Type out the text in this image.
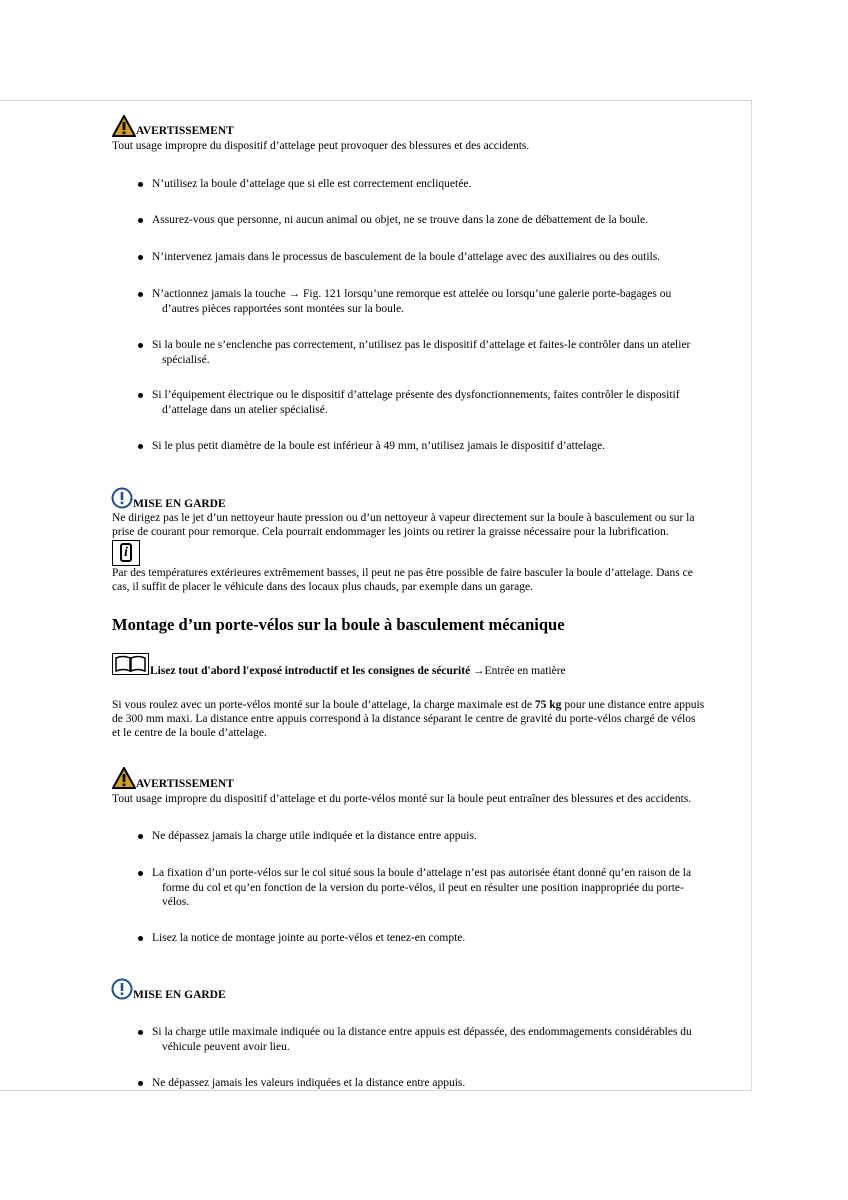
AVERTISSEMENT
Tout usage impropre du dispositif d’attelage peut provoquer des blessures et des accidents.
N’utilisez la boule d’attelage que si elle est correctement encliquetée.
Assurez-vous que personne, ni aucun animal ou objet, ne se trouve dans la zone de débattement de la boule.
N’intervenez jamais dans le processus de basculement de la boule d’attelage avec des auxiliaires ou des outils.
N’actionnez jamais la touche → Fig. 121 lorsqu’une remorque est attelée ou lorsqu’une galerie porte-bagages ou
d’autres pièces rapportées sont montées sur la boule.
Si la boule ne s’enclenche pas correctement, n’utilisez pas le dispositif d’attelage et faites-le contrôler dans un atelier
spécialisé.
Si l’équipement électrique ou le dispositif d’attelage présente des dysfonctionnements, faites contrôler le dispositif
d’attelage dans un atelier spécialisé.
Si le plus petit diamètre de la boule est inférieur à 49 mm, n’utilisez jamais le dispositif d’attelage.
MISE EN GARDE
Ne dirigez pas le jet d’un nettoyeur haute pression ou d’un nettoyeur à vapeur directement sur la boule à basculement ou sur la
prise de courant pour remorque. Cela pourrait endommager les joints ou retirer la graisse nécessaire pour la lubrification.
i
Par des températures extérieures extrêmement basses, il peut ne pas être possible de faire basculer la boule d’attelage. Dans ce
cas, il suffit de placer le véhicule dans des locaux plus chauds, par exemple dans un garage.
Montage d’un porte-vélos sur la boule à basculement mécanique
Lisez tout d'abord l'exposé introductif et les consignes de sécurité →Entrée en matière
Si vous roulez avec un porte-vélos monté sur la boule d’attelage, la charge maximale est de 75 kg pour une distance entre appuis
de 300 mm maxi. La distance entre appuis correspond à la distance séparant le centre de gravité du porte-vélos chargé de vélos
et le centre de la boule d’attelage.
AVERTISSEMENT
Tout usage impropre du dispositif d’attelage et du porte-vélos monté sur la boule peut entraîner des blessures et des accidents.
Ne dépassez jamais la charge utile indiquée et la distance entre appuis.
La fixation d’un porte-vélos sur le col situé sous la boule d’attelage n’est pas autorisée étant donné qu’en raison de la
forme du col et qu’en fonction de la version du porte-vélos, il peut en résulter une position inappropriée du porte-
vélos.
Lisez la notice de montage jointe au porte-vélos et tenez-en compte.
MISE EN GARDE
Si la charge utile maximale indiquée ou la distance entre appuis est dépassée, des endommagements considérables du
véhicule peuvent avoir lieu.
Ne dépassez jamais les valeurs indiquées et la distance entre appuis.
